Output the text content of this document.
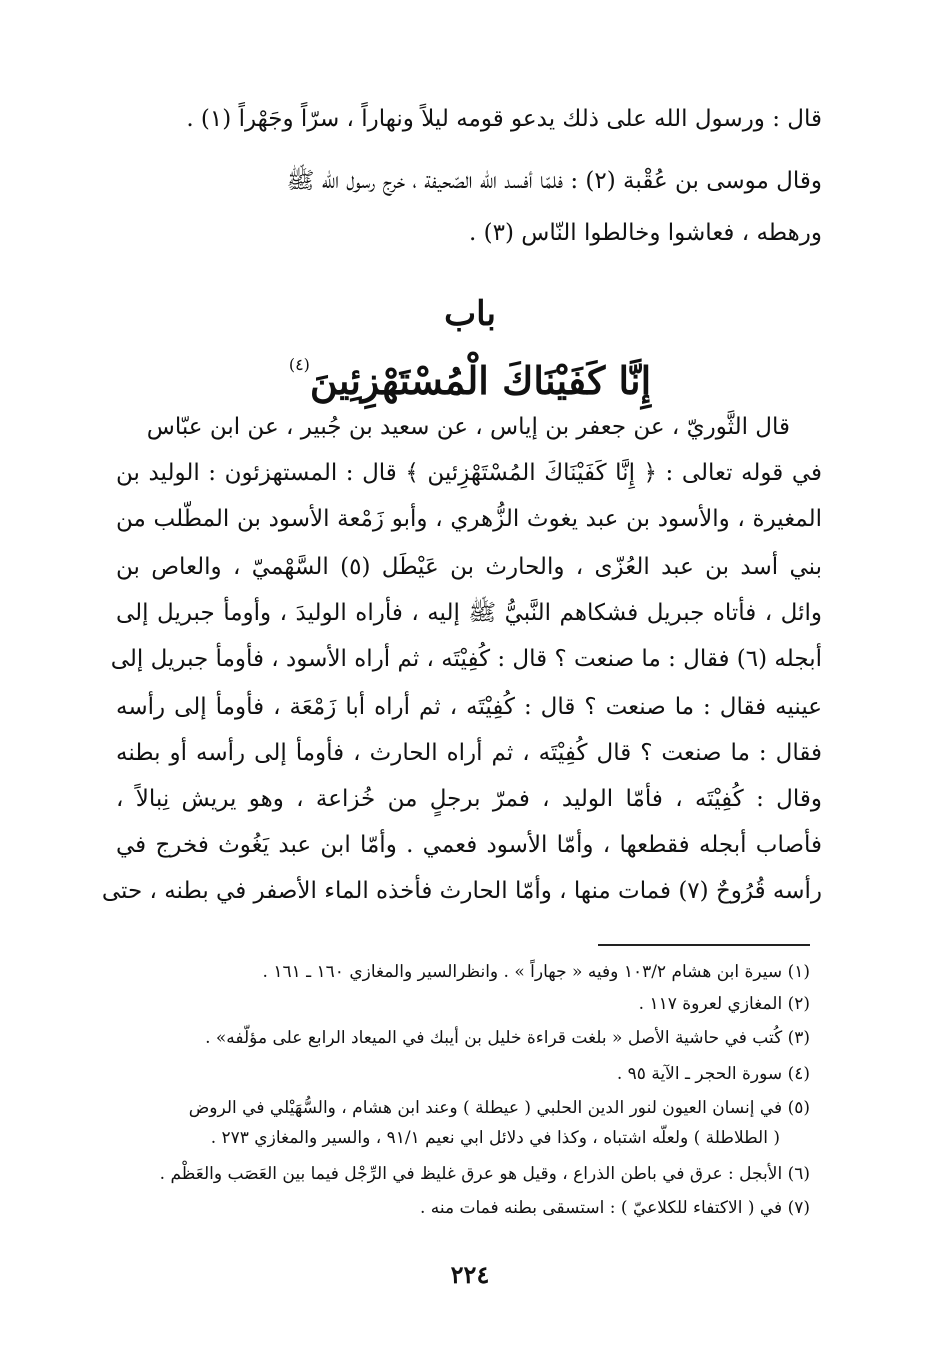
قال : ورسول الله على ذلك يدعو قومه ليلاً ونهاراً ، سرّاً وجَهْراً (١) .
وقال موسى بن عُقْبة (٢) : فلمّا أفسد الله الصّحيفة ، خرج رسول الله ﷺ
ورهطه ، فعاشوا وخالطوا النّاس (٣) .
باب
إِنَّا كَفَيْنَاكَ الْمُسْتَهْزِئِينَ$^{(٤)}$
قال الثَّوريّ ، عن جعفر بن إياس ، عن سعيد بن جُبير ، عن ابن عبّاس
في قوله تعالى : ﴿ إِنَّا كَفَيْنَاكَ المُسْتَهْزِئين ﴾ قال : المستهزئون : الوليد بن
المغيرة ، والأسود بن عبد يغوث الزُّهري ، وأبو زَمْعة الأسود بن المطّلب من
بني أسد بن عبد العُزّى ، والحارث بن عَيْطَل (٥) السَّهْميّ ، والعاص بن
وائل ، فأتاه جبريل فشكاهم النَّبيُّ ﷺ إليه ، فأراه الوليدَ ، وأومأ جبريل إلى
أبجله (٦) فقال : ما صنعت ؟ قال : كُفِيْتَه ، ثم أراه الأسود ، فأومأ جبريل إلى
عينيه فقال : ما صنعت ؟ قال : كُفِيْتَه ، ثم أراه أبا زَمْعَة ، فأومأ إلى رأسه
فقال : ما صنعت ؟ قال كُفِيْتَه ، ثم أراه الحارث ، فأومأ إلى رأسه أو بطنه
وقال : كُفِيْتَه ، فأمّا الوليد ، فمرّ برجلٍ من خُزاعة ، وهو يريش نِبالاً ،
فأصاب أبجله فقطعها ، وأمّا الأسود فعمي . وأمّا ابن عبد يَغُوث فخرج في
رأسه قُرُوحٌ (٧) فمات منها ، وأمّا الحارث فأخذه الماء الأصفر في بطنه ، حتى
(١) سيرة ابن هشام ١٠٣/٢ وفيه « جهاراً » . وانظرالسير والمغازي ١٦٠ ـ ١٦١ .
(٢) المغازي لعروة ١١٧ .
(٣) كُتب في حاشية الأصل « بلغت قراءة خليل بن أيبك في الميعاد الرابع على مؤلّفه» .
(٤) سورة الحجر ـ الآية ٩٥ .
(٥) في إنسان العيون لنور الدين الحلبي ( عيطلة ) وعند ابن هشام ، والسُّهَيْلي في الروض
( الطلاطلة ) ولعلّه اشتباه ، وكذا في دلائل ابي نعيم ٩١/١ ، والسير والمغازي ٢٧٣ .
(٦) الأبجل : عرق في باطن الذراع ، وقيل هو عرق غليظ في الرِّجْل فيما بين العَصَب والعَظْم .
(٧) في ( الاكتفاء للكلاعيّ ) : استسقى بطنه فمات منه .
٢٢٤
